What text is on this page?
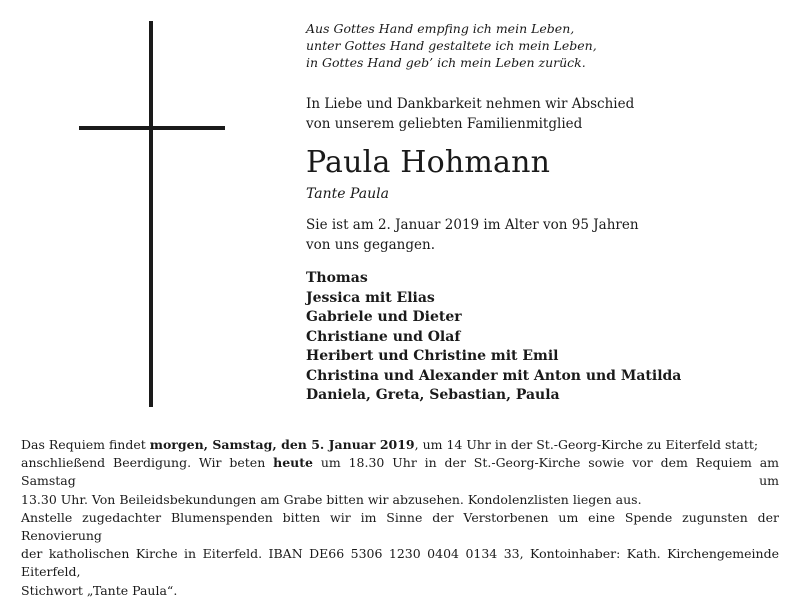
Aus Gottes Hand empfing ich mein Leben,
unter Gottes Hand gestaltete ich mein Leben,
in Gottes Hand geb’ ich mein Leben zurück.
In Liebe und Dankbarkeit nehmen wir Abschied
von unserem geliebten Familienmitglied
Paula Hohmann
Tante Paula
Sie ist am 2. Januar 2019 im Alter von 95 Jahren
von uns gegangen.
Thomas
Jessica mit Elias
Gabriele und Dieter
Christiane und Olaf
Heribert und Christine mit Emil
Christina und Alexander mit Anton und Matilda
Daniela, Greta, Sebastian, Paula
Das Requiem findet morgen, Samstag, den 5. Januar 2019, um 14 Uhr in der St.-Georg-Kirche zu Eiterfeld statt;
anschließend Beerdigung. Wir beten heute um 18.30 Uhr in der St.-Georg-Kirche sowie vor dem Requiem am Samstag um
13.30 Uhr. Von Beileidsbekundungen am Grabe bitten wir abzusehen. Kondolenzlisten liegen aus.
Anstelle zugedachter Blumenspenden bitten wir im Sinne der Verstorbenen um eine Spende zugunsten der Renovierung
der katholischen Kirche in Eiterfeld. IBAN DE66 5306 1230 0404 0134 33, Kontoinhaber: Kath. Kirchengemeinde Eiterfeld,
Stichwort „Tante Paula“.
